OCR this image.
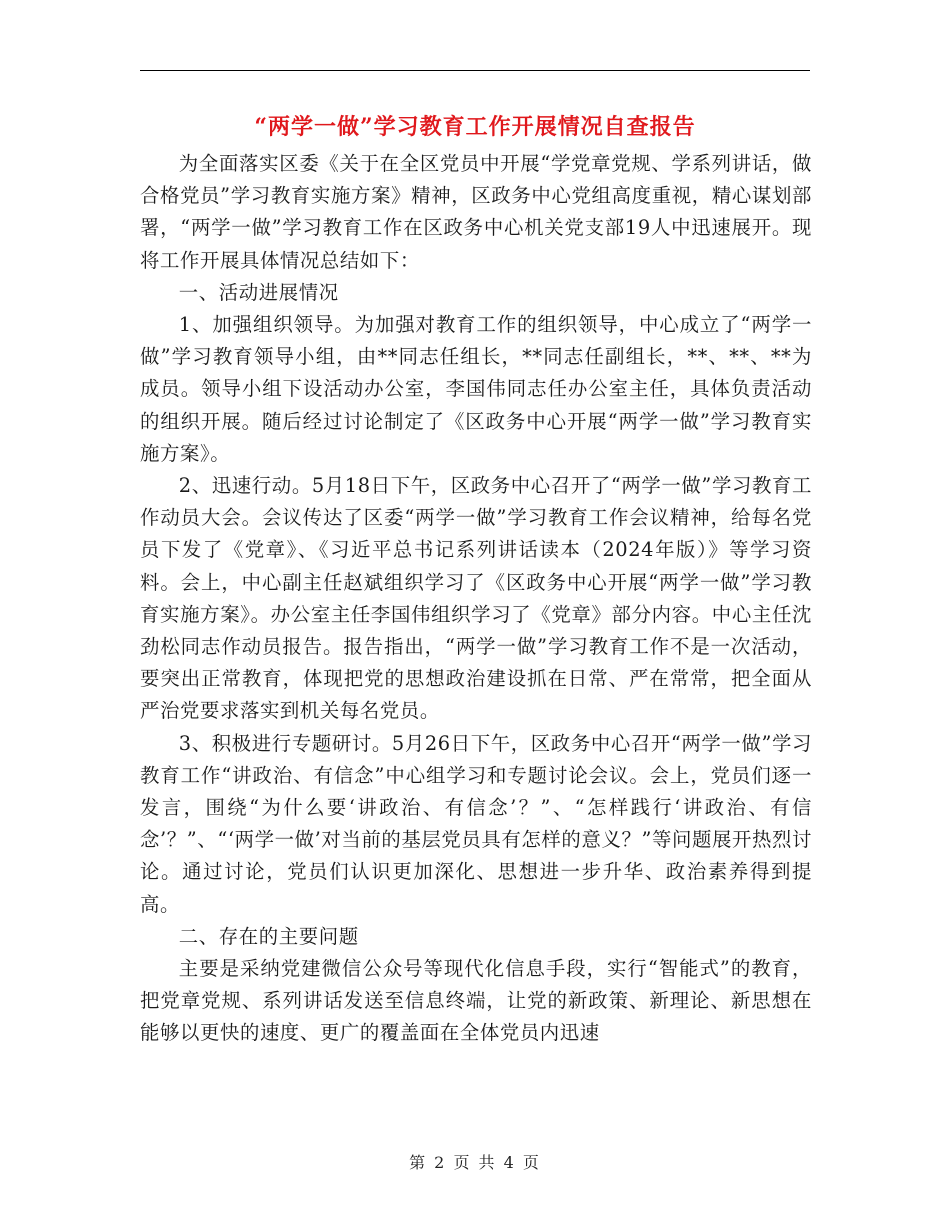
“两学一做”学习教育工作开展情况自查报告

为全面落实区委《关于在全区党员中开展“学党章党规、学系列讲话，做合格党员”学习教育实施方案》精神，区政务中心党组高度重视，精心谋划部署，“两学一做”学习教育工作在区政务中心机关党支部19人中迅速展开。现将工作开展具体情况总结如下：

一、活动进展情况

1、加强组织领导。为加强对教育工作的组织领导，中心成立了“两学一做”学习教育领导小组，由**同志任组长，**同志任副组长，**、**、**为成员。领导小组下设活动办公室，李国伟同志任办公室主任，具体负责活动的组织开展。随后经过讨论制定了《区政务中心开展“两学一做”学习教育实施方案》。

2、迅速行动。5月18日下午，区政务中心召开了“两学一做”学习教育工作动员大会。会议传达了区委“两学一做”学习教育工作会议精神，给每名党员下发了《党章》、《习近平总书记系列讲话读本（2024年版）》等学习资料。会上，中心副主任赵斌组织学习了《区政务中心开展“两学一做”学习教育实施方案》。办公室主任李国伟组织学习了《党章》部分内容。中心主任沈劲松同志作动员报告。报告指出，“两学一做”学习教育工作不是一次活动，要突出正常教育，体现把党的思想政治建设抓在日常、严在常常，把全面从严治党要求落实到机关每名党员。

3、积极进行专题研讨。5月26日下午，区政务中心召开“两学一做”学习教育工作“讲政治、有信念”中心组学习和专题讨论会议。会上，党员们逐一发言，围绕“为什么要‘讲政治、有信念’？”、“怎样践行‘讲政治、有信念’？”、“‘两学一做’对当前的基层党员具有怎样的意义？”等问题展开热烈讨论。通过讨论，党员们认识更加深化、思想进一步升华、政治素养得到提高。

二、存在的主要问题

主要是采纳党建微信公众号等现代化信息手段，实行“智能式”的教育，把党章党规、系列讲话发送至信息终端，让党的新政策、新理论、新思想在能够以更快的速度、更广的覆盖面在全体党员内迅速

第 2 页 共 4 页
